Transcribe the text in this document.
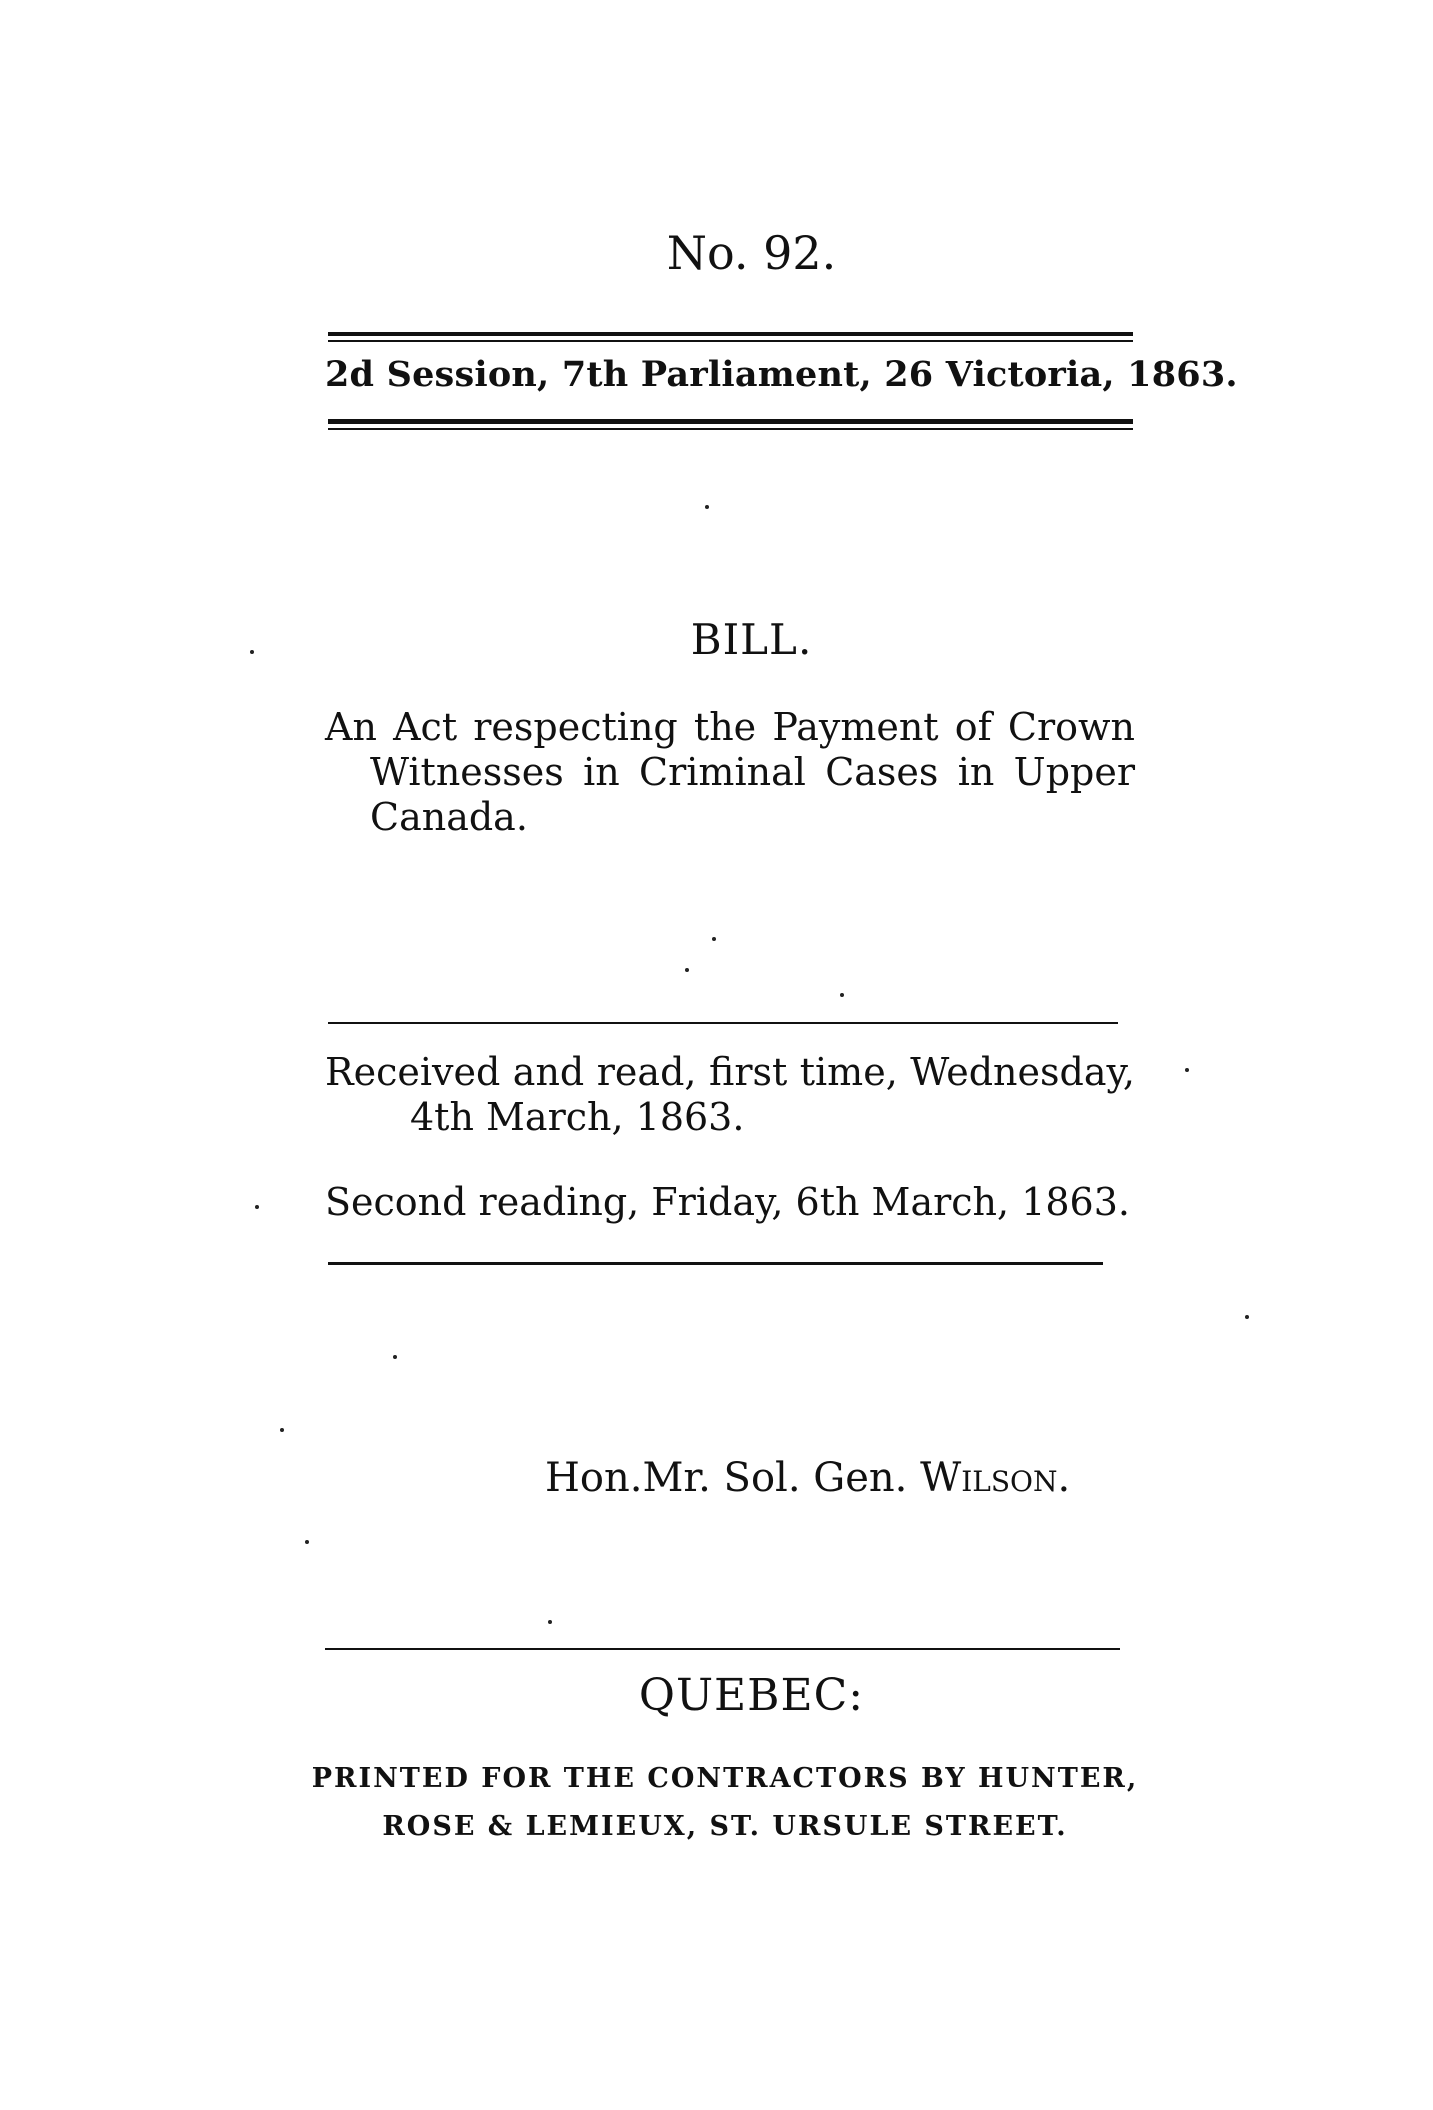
No. 92.

2d Session, 7th Parliament, 26 Victoria, 1863.

BILL.

An Act respecting the Payment of Crown Witnesses in Criminal Cases in Upper Canada.

Received and read, first time, Wednesday, 4th March, 1863.

Second reading, Friday, 6th March, 1863.

Hon.Mr. Sol. Gen. Wilson.

QUEBEC:

PRINTED FOR THE CONTRACTORS BY HUNTER, ROSE & LEMIEUX, ST. URSULE STREET.
